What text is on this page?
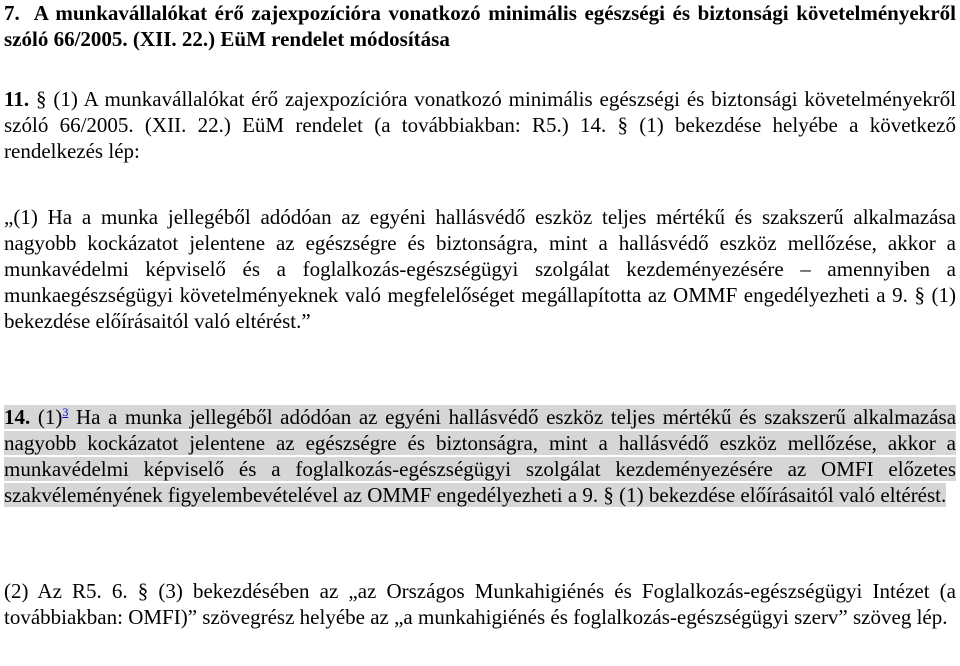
7. A munkavállalókat érő zajexpozícióra vonatkozó minimális egészségi és biztonsági követelményekről szóló 66/2005. (XII. 22.) EüM rendelet módosítása
11. § (1) A munkavállalókat érő zajexpozícióra vonatkozó minimális egészségi és biztonsági követelményekről szóló 66/2005. (XII. 22.) EüM rendelet (a továbbiakban: R5.) 14. § (1) bekezdése helyébe a következő rendelkezés lép:
„(1) Ha a munka jellegéből adódóan az egyéni hallásvédő eszköz teljes mértékű és szakszerű alkalmazása nagyobb kockázatot jelentene az egészségre és biztonságra, mint a hallásvédő eszköz mellőzése, akkor a munkavédelmi képviselő és a foglalkozás-egészségügyi szolgálat kezdeményezésére – amennyiben a munkaegészségügyi követelményeknek való megfelelőséget megállapította az OMMF engedélyezheti a 9. § (1) bekezdése előírásaitól való eltérést.”
14. (1)$^3$ Ha a munka jellegéből adódóan az egyéni hallásvédő eszköz teljes mértékű és szakszerű alkalmazása nagyobb kockázatot jelentene az egészségre és biztonságra, mint a hallásvédő eszköz mellőzése, akkor a munkavédelmi képviselő és a foglalkozás-egészségügyi szolgálat kezdeményezésére az OMFI előzetes szakvéleményének figyelembevételével az OMMF engedélyezheti a 9. § (1) bekezdése előírásaitól való eltérést.
(2) Az R5. 6. § (3) bekezdésében az „az Országos Munkahigiénés és Foglalkozás-egészségügyi Intézet (a továbbiakban: OMFI)” szövegrész helyébe az „a munkahigiénés és foglalkozás-egészségügyi szerv” szöveg lép.
